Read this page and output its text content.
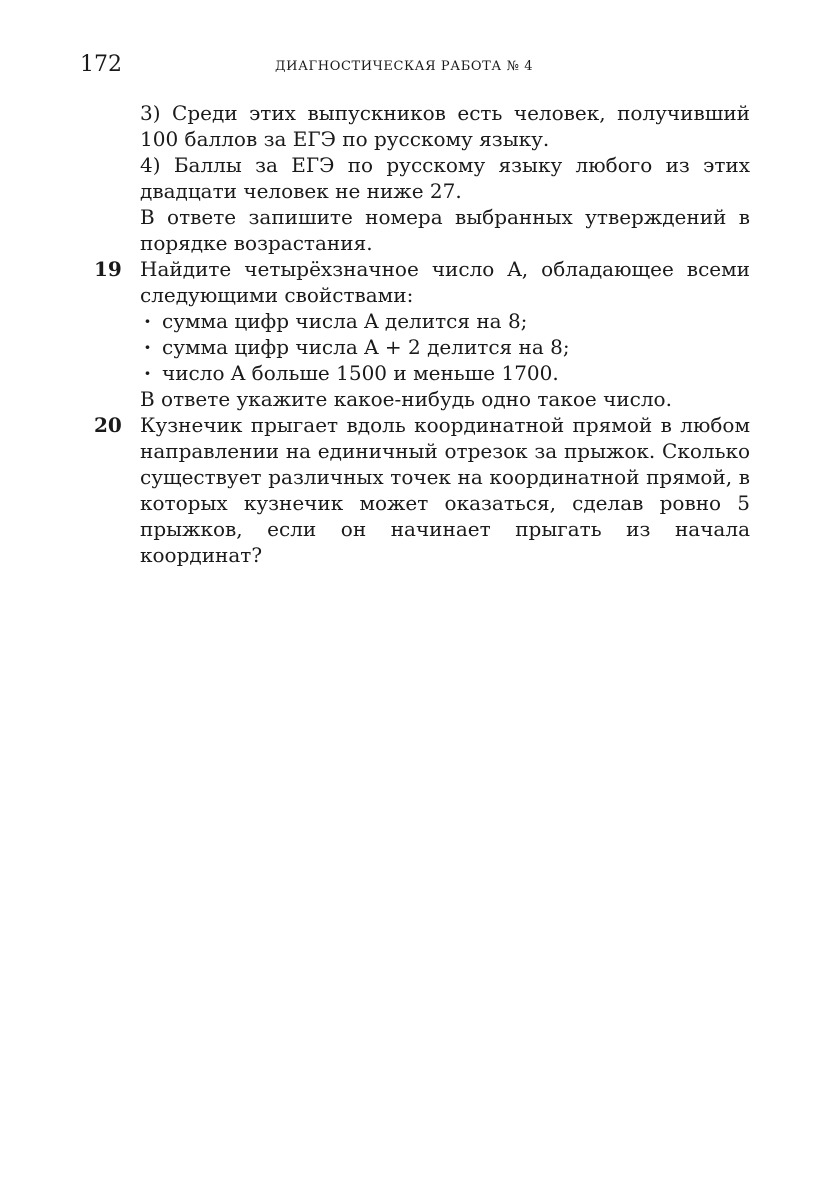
172	ДИАГНОСТИЧЕСКАЯ РАБОТА № 4

3) Среди этих выпускников есть человек, получивший 100 баллов за ЕГЭ по русскому языку.

4) Баллы за ЕГЭ по русскому языку любого из этих двадцати человек не ниже 27.

В ответе запишите номера выбранных утверждений в порядке возрастания.

19 Найдите четырёхзначное число A, обладающее всеми следующими свойствами:

· сумма цифр числа A делится на 8;
· сумма цифр числа A + 2 делится на 8;
· число A больше 1500 и меньше 1700.

В ответе укажите какое-нибудь одно такое число.

20 Кузнечик прыгает вдоль координатной прямой в любом направлении на единичный отрезок за прыжок. Сколько существует различных точек на координатной прямой, в которых кузнечик может оказаться, сделав ровно 5 прыжков, если он начинает прыгать из начала координат?
